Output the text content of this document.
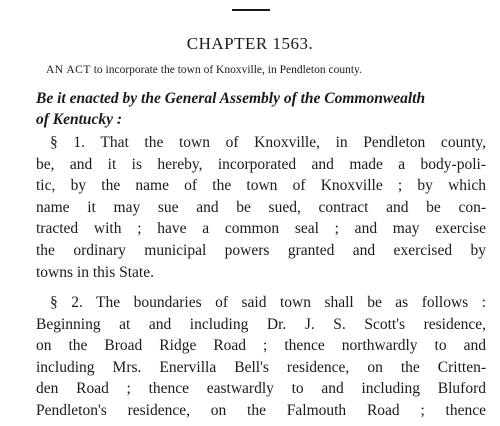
CHAPTER 1563.
AN ACT to incorporate the town of Knoxville, in Pendleton county.
Be it enacted by the General Assembly of the Commonwealth
of Kentucky :
§ 1. That the town of Knoxville, in Pendleton county,
be, and it is hereby, incorporated and made a body-poli-
tic, by the name of the town of Knoxville ; by which
name it may sue and be sued, contract and be con-
tracted with ; have a common seal ; and may exercise
the ordinary municipal powers granted and exercised by
towns in this State.
§ 2. The boundaries of said town shall be as follows :
Beginning at and including Dr. J. S. Scott's residence,
on the Broad Ridge Road ; thence northwardly to and
including Mrs. Enervilla Bell's residence, on the Critten-
den Road ; thence eastwardly to and including Bluford
Pendleton's residence, on the Falmouth Road ; thence
